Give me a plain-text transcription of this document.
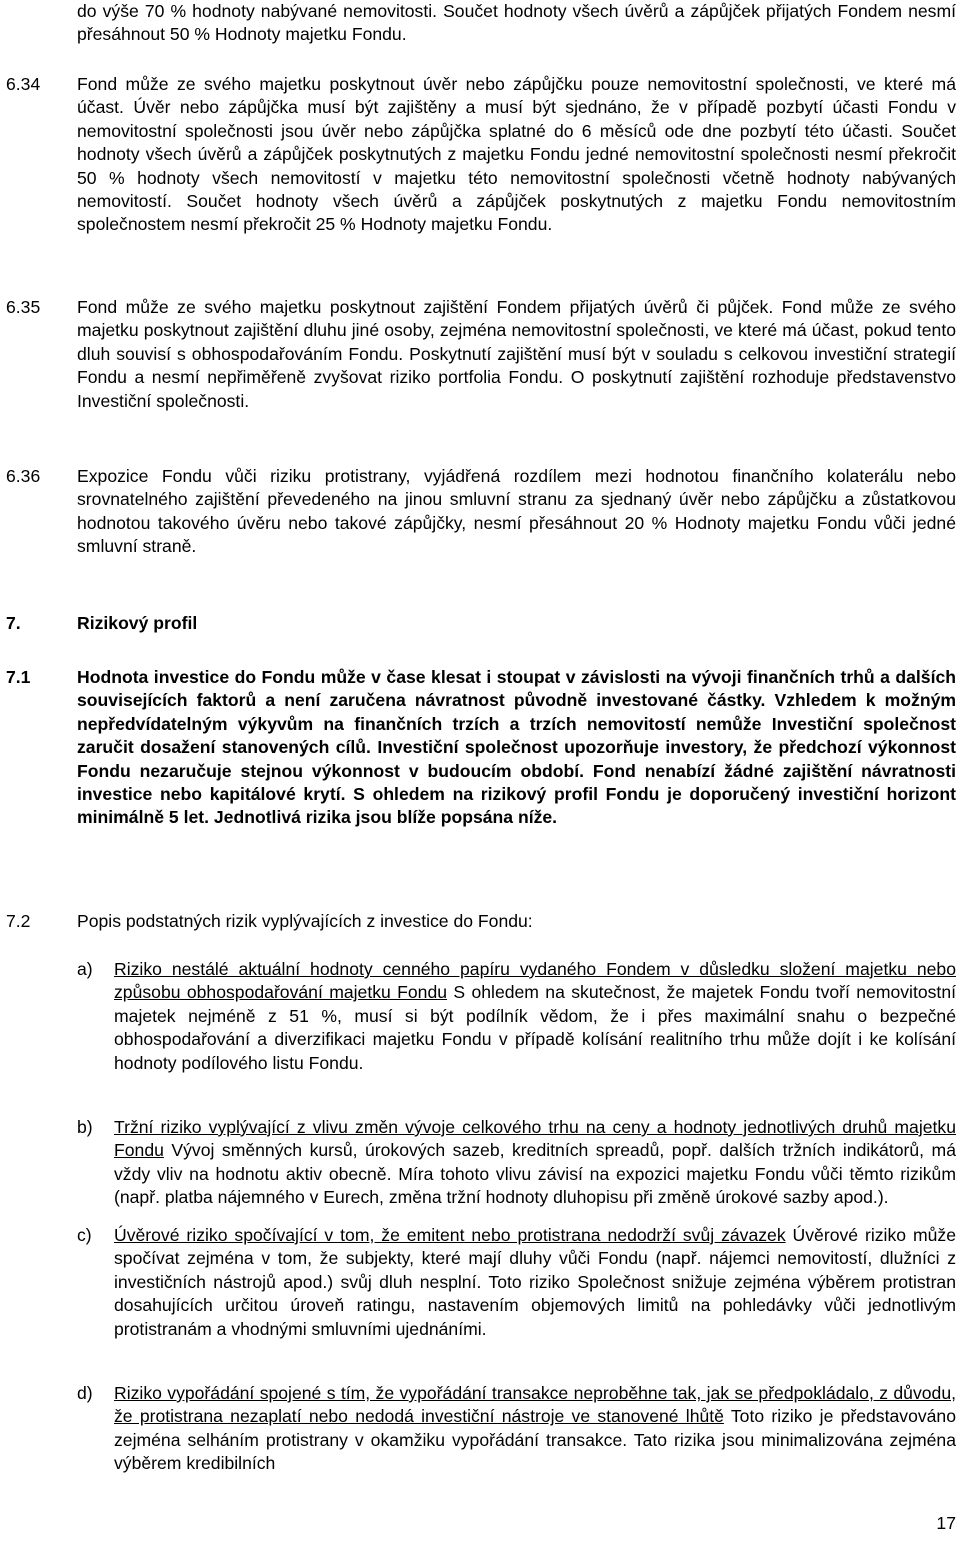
do výše 70 % hodnoty nabývané nemovitosti. Součet hodnoty všech úvěrů a zápůjček přijatých Fondem nesmí přesáhnout 50 % Hodnoty majetku Fondu.
6.34 Fond může ze svého majetku poskytnout úvěr nebo zápůjčku pouze nemovitostní společnosti, ve které má účast. Úvěr nebo zápůjčka musí být zajištěny a musí být sjednáno, že v případě pozbytí účasti Fondu v nemovitostní společnosti jsou úvěr nebo zápůjčka splatné do 6 měsíců ode dne pozbytí této účasti. Součet hodnoty všech úvěrů a zápůjček poskytnutých z majetku Fondu jedné nemovitostní společnosti nesmí překročit 50 % hodnoty všech nemovitostí v majetku této nemovitostní společnosti včetně hodnoty nabývaných nemovitostí. Součet hodnoty všech úvěrů a zápůjček poskytnutých z majetku Fondu nemovitostním společnostem nesmí překročit 25 % Hodnoty majetku Fondu.
6.35 Fond může ze svého majetku poskytnout zajištění Fondem přijatých úvěrů či půjček. Fond může ze svého majetku poskytnout zajištění dluhu jiné osoby, zejména nemovitostní společnosti, ve které má účast, pokud tento dluh souvisí s obhospodařováním Fondu. Poskytnutí zajištění musí být v souladu s celkovou investiční strategií Fondu a nesmí nepřiměřeně zvyšovat riziko portfolia Fondu. O poskytnutí zajištění rozhoduje představenstvo Investiční společnosti.
6.36 Expozice Fondu vůči riziku protistrany, vyjádřená rozdílem mezi hodnotou finančního kolaterálu nebo srovnatelného zajištění převedeného na jinou smluvní stranu za sjednaný úvěr nebo zápůjčku a zůstatkovou hodnotou takového úvěru nebo takové zápůjčky, nesmí přesáhnout 20 % Hodnoty majetku Fondu vůči jedné smluvní straně.
7.	Rizikový profil
7.1	Hodnota investice do Fondu může v čase klesat i stoupat v závislosti na vývoji finančních trhů a dalších souvisejících faktorů a není zaručena návratnost původně investované částky. Vzhledem k možným nepředvídatelným výkyvům na finančních trzích a trzích nemovitostí nemůže Investiční společnost zaručit dosažení stanovených cílů. Investiční společnost upozorňuje investory, že předchozí výkonnost Fondu nezaručuje stejnou výkonnost v budoucím období. Fond nenabízí žádné zajištění návratnosti investice nebo kapitálové krytí. S ohledem na rizikový profil Fondu je doporučený investiční horizont minimálně 5 let. Jednotlivá rizika jsou blíže popsána níže.
7.2	Popis podstatných rizik vyplývajících z investice do Fondu:
a) Riziko nestálé aktuální hodnoty cenného papíru vydaného Fondem v důsledku složení majetku nebo způsobu obhospodařování majetku Fondu S ohledem na skutečnost, že majetek Fondu tvoří nemovitostní majetek nejméně z 51 %, musí si být podílník vědom, že i přes maximální snahu o bezpečné obhospodařování a diverzifikaci majetku Fondu v případě kolísání realitního trhu může dojít i ke kolísání hodnoty podílového listu Fondu.
b) Tržní riziko vyplývající z vlivu změn vývoje celkového trhu na ceny a hodnoty jednotlivých druhů majetku Fondu Vývoj směnných kursů, úrokových sazeb, kreditních spreadů, popř. dalších tržních indikátorů, má vždy vliv na hodnotu aktiv obecně. Míra tohoto vlivu závisí na expozici majetku Fondu vůči těmto rizikům (např. platba nájemného v Eurech, změna tržní hodnoty dluhopisu při změně úrokové sazby apod.).
c) Úvěrové riziko spočívající v tom, že emitent nebo protistrana nedodrží svůj závazek Úvěrové riziko může spočívat zejména v tom, že subjekty, které mají dluhy vůči Fondu (např. nájemci nemovitostí, dlužníci z investičních nástrojů apod.) svůj dluh nesplní. Toto riziko Společnost snižuje zejména výběrem protistran dosahujících určitou úroveň ratingu, nastavením objemových limitů na pohledávky vůči jednotlivým protistranám a vhodnými smluvními ujednáními.
d) Riziko vypořádání spojené s tím, že vypořádání transakce neproběhne tak, jak se předpokládalo, z důvodu, že protistrana nezaplatí nebo nedodá investiční nástroje ve stanovené lhůtě Toto riziko je představováno zejména selháním protistrany v okamžiku vypořádání transakce. Tato rizika jsou minimalizována zejména výběrem kredibilních
17
